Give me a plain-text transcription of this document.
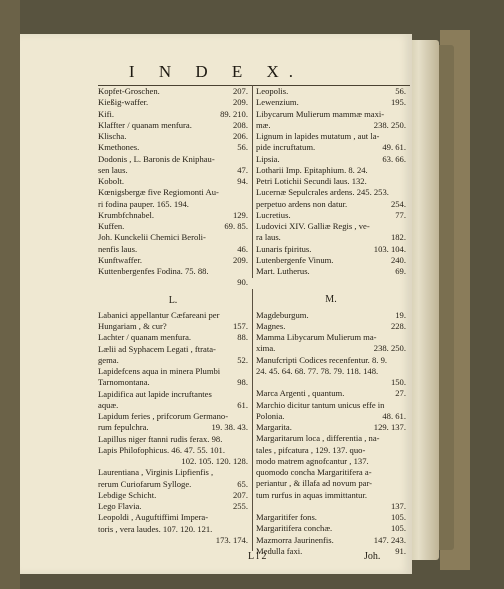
I N D E X.
Kopfet-Groschen.	207.
Kießig-waffer.	209.
Kifi.	89. 210.
Klaffter / quanam menfura.	208.
Klischa.	206.
Kmethones.	56.
Dodonis , L. Baronis de Kniphau-
sen laus.	47.
Kobolt.	94.
Kœnigsbergæ five Regiomonti Au-
ri fodina pauper. 165. 194.
Krumbfchnabel.	129.
Kuffen.	69. 85.
Joh. Kunckelii Chemici Beroli-
nenfis laus.	46.
Kunftwaffer.	209.
Kuttenbergenfes Fodina. 75. 88.
90.
L.
Labanici appellantur Cæfareani per
Hungariam , & cur?	157.
Lachter / quanam menfura.	88.
Lælii ad Syphacem Legati , ftrata-
gema.	52.
Lapidefcens aqua in minera Plumbi
Tarnomontana.	98.
Lapidifica aut lapide incruftantes
aquæ.	61.
Lapidum feries , prifcorum Germano-
rum fepulchra.	19. 38. 43.
Lapillus niger ftanni rudis ferax. 98.
Lapis Philofophicus. 46. 47. 55. 101.
102. 105. 120. 128.
Laurentiana , Virginis Lipfienfis ,
rerum Curiofarum Sylloge.	65.
Lebdige Schicht.	207.
Lego Flavia.	255.
Leopoldi , Auguftiffimi Impera-
toris , vera laudes. 107. 120. 121.
173. 174.
Leopolis.	56.
Lewenzium.	195.
Libycarum Mulierum mammæ maxi-
mæ.	238. 250.
Lignum in lapides mutatum , aut la-
pide incruftatum.	49. 61.
Lipsia.	63. 66.
Lotharii Imp. Epitaphium. 8. 24.
Petri Lotichii Secundi laus. 132.
Lucernæ Sepulcrales ardens. 245. 253.
perpetuo ardens non datur.	254.
Lucretius.	77.
Ludovici XIV. Galliæ Regis , ve-
ra laus.	182.
Lunaris fpiritus.	103. 104.
Lutenbergenfe Vinum.	240.
Mart. Lutherus.	69.
M.
Magdeburgum.	19.
Magnes.	228.
Mamma Libycarum Mulierum ma-
xima.	238. 250.
Manufcripti Codices recenfentur. 8. 9.
24. 45. 64. 68. 77. 78. 79. 118. 148.
150.
Marca Argenti , quantum.	27.
Marchio dicitur tantum unicus effe in
Polonia.	48. 61.
Margarita.	129. 137.
Margaritarum loca , differentia , na-
tales , pifcatura , 129. 137. quo-
modo matrem agnofcantur , 137.
quomodo concha Margaritifera a-
periantur , & illafa ad novum par-
tum rurfus in aquas immittantur.
137.
Margaritifer fons.	105.
Margaritifera conchæ.	105.
Mazmorra Jaurinenfis.	147. 243.
Medulla faxi.	91.
L l 2	Joh.
